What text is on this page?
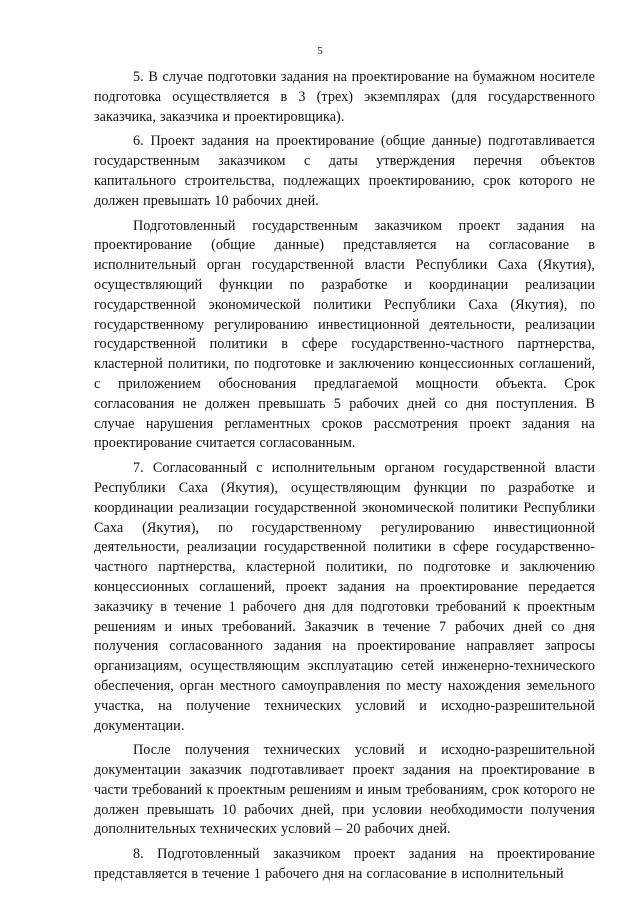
5

5. В случае подготовки задания на проектирование на бумажном носителе подготовка осуществляется в 3 (трех) экземплярах (для государственного заказчика, заказчика и проектировщика).

6. Проект задания на проектирование (общие данные) подготавливается государственным заказчиком с даты утверждения перечня объектов капитального строительства, подлежащих проектированию, срок которого не должен превышать 10 рабочих дней.

Подготовленный государственным заказчиком проект задания на проектирование (общие данные) представляется на согласование в исполнительный орган государственной власти Республики Саха (Якутия), осуществляющий функции по разработке и координации реализации государственной экономической политики Республики Саха (Якутия), по государственному регулированию инвестиционной деятельности, реализации государственной политики в сфере государственно-частного партнерства, кластерной политики, по подготовке и заключению концессионных соглашений, с приложением обоснования предлагаемой мощности объекта. Срок согласования не должен превышать 5 рабочих дней со дня поступления. В случае нарушения регламентных сроков рассмотрения проект задания на проектирование считается согласованным.

7. Согласованный с исполнительным органом государственной власти Республики Саха (Якутия), осуществляющим функции по разработке и координации реализации государственной экономической политики Республики Саха (Якутия), по государственному регулированию инвестиционной деятельности, реализации государственной политики в сфере государственно-частного партнерства, кластерной политики, по подготовке и заключению концессионных соглашений, проект задания на проектирование передается заказчику в течение 1 рабочего дня для подготовки требований к проектным решениям и иных требований. Заказчик в течение 7 рабочих дней со дня получения согласованного задания на проектирование направляет запросы организациям, осуществляющим эксплуатацию сетей инженерно-технического обеспечения, орган местного самоуправления по месту нахождения земельного участка, на получение технических условий и исходно-разрешительной документации.

После получения технических условий и исходно-разрешительной документации заказчик подготавливает проект задания на проектирование в части требований к проектным решениям и иным требованиям, срок которого не должен превышать 10 рабочих дней, при условии необходимости получения дополнительных технических условий – 20 рабочих дней.

8. Подготовленный заказчиком проект задания на проектирование представляется в течение 1 рабочего дня на согласование в исполнительный
